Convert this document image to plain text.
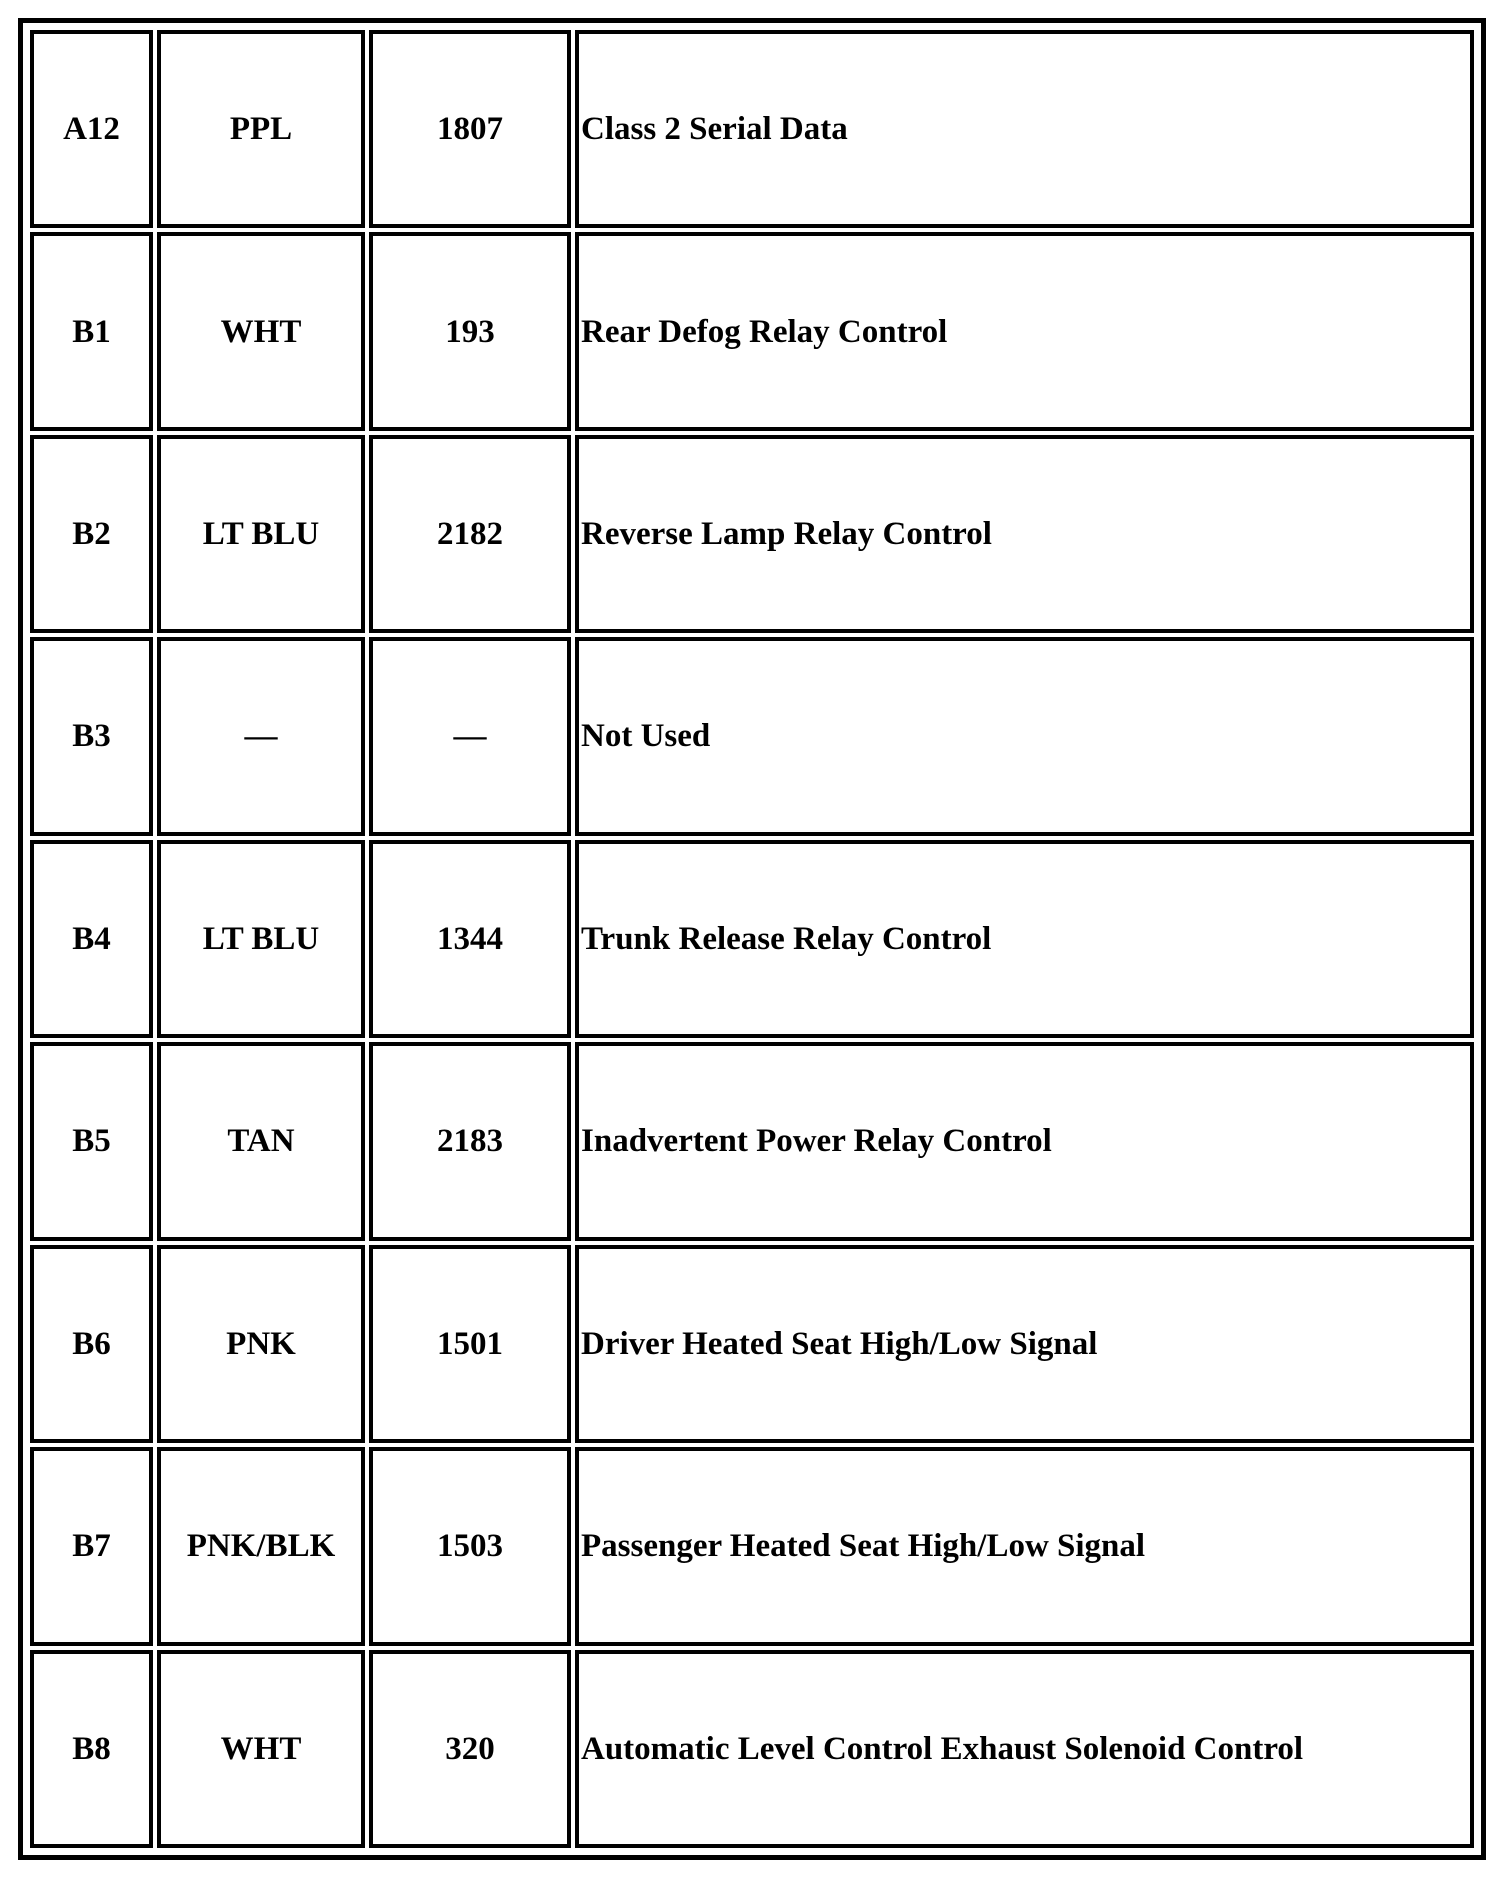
A12	PPL	1807	Class 2 Serial Data
B1	WHT	193	Rear Defog Relay Control
B2	LT BLU	2182	Reverse Lamp Relay Control
B3	—	—	Not Used
B4	LT BLU	1344	Trunk Release Relay Control
B5	TAN	2183	Inadvertent Power Relay Control
B6	PNK	1501	Driver Heated Seat High/Low Signal
B7	PNK/BLK	1503	Passenger Heated Seat High/Low Signal
B8	WHT	320	Automatic Level Control Exhaust Solenoid Control
